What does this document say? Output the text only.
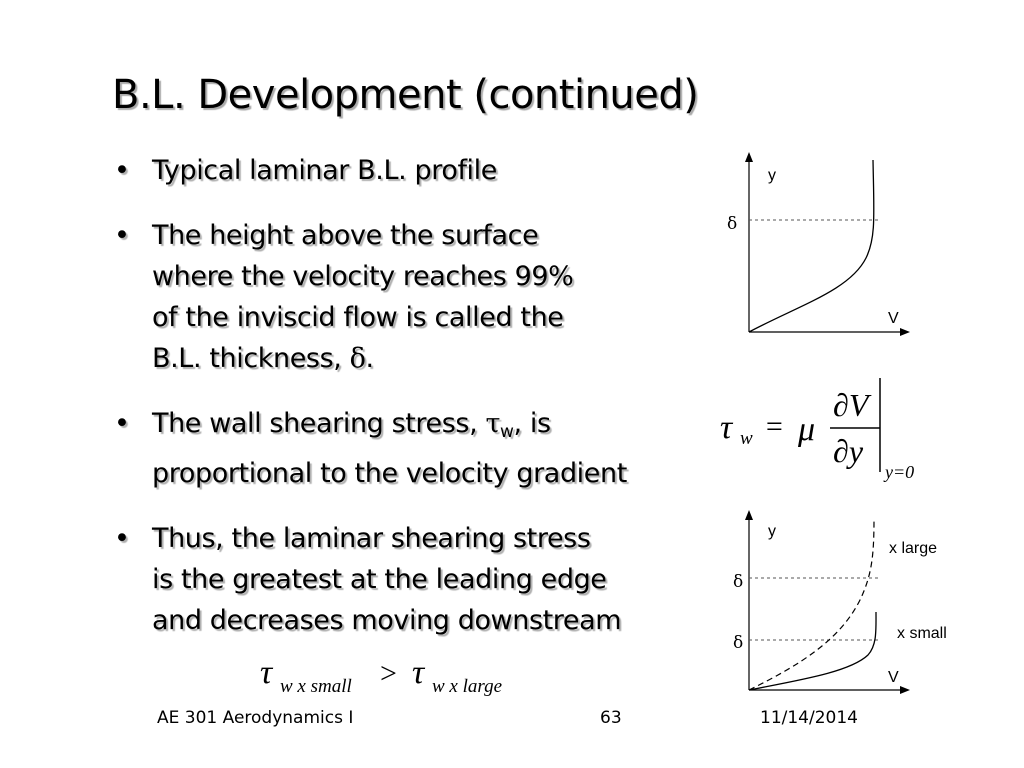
B.L. Development (continued)
• Typical laminar B.L. profile
• The height above the surface
where the velocity reaches 99%
of the inviscid flow is called the
B.L. thickness, δ.
• The wall shearing stress, $\tau_w$, is
proportional to the velocity gradient
• Thus, the laminar shearing stress
is the greatest at the leading edge
and decreases moving downstream
y
V
δ
τ w = μ
∂V
∂y
y=0
y
V
δ
δ
x large
x small
τ w x small > τ w x large
AE 301 Aerodynamics I	63	11/14/2014
